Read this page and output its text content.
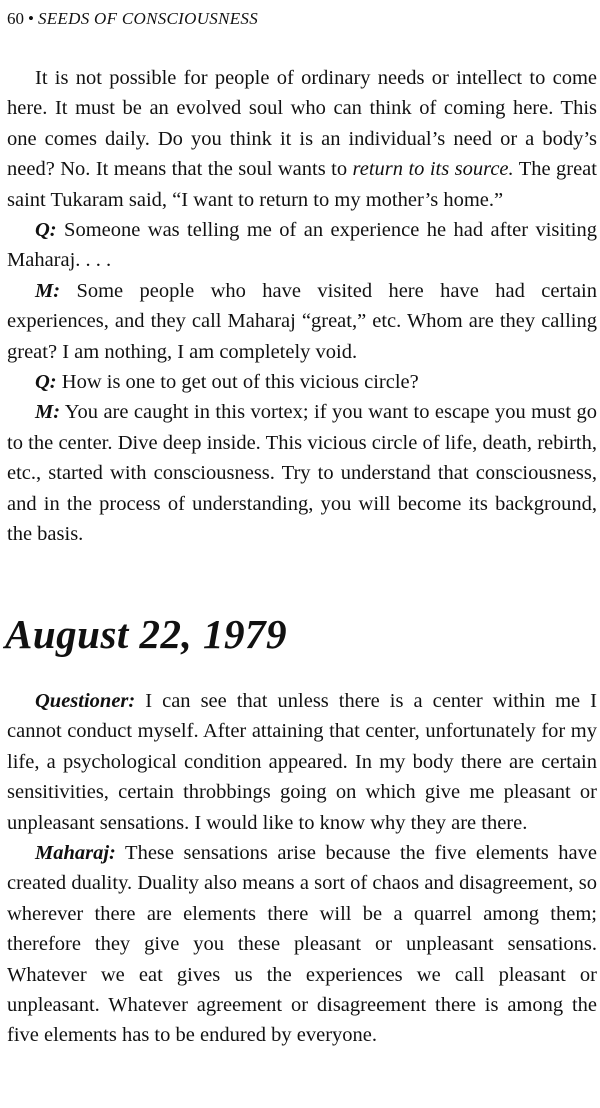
60 • SEEDS OF CONSCIOUSNESS

It is not possible for people of ordinary needs or intellect to come here. It must be an evolved soul who can think of coming here. This one comes daily. Do you think it is an individual’s need or a body’s need? No. It means that the soul wants to return to its source. The great saint Tukaram said, “I want to return to my mother’s home.”

Q: Someone was telling me of an experience he had after visiting Maharaj. . . .

M: Some people who have visited here have had certain experiences, and they call Maharaj “great,” etc. Whom are they calling great? I am nothing, I am completely void.

Q: How is one to get out of this vicious circle?

M: You are caught in this vortex; if you want to escape you must go to the center. Dive deep inside. This vicious circle of life, death, rebirth, etc., started with consciousness. Try to understand that consciousness, and in the process of understanding, you will become its background, the basis.

August 22, 1979

Questioner: I can see that unless there is a center within me I cannot conduct myself. After attaining that center, unfortunately for my life, a psychological condition appeared. In my body there are certain sensitivities, certain throbbings going on which give me pleasant or unpleasant sensations. I would like to know why they are there.

Maharaj: These sensations arise because the five elements have created duality. Duality also means a sort of chaos and disagreement, so wherever there are elements there will be a quarrel among them; therefore they give you these pleasant or unpleasant sensations. Whatever we eat gives us the experiences we call pleasant or unpleasant. Whatever agreement or disagreement there is among the five elements has to be endured by everyone.
